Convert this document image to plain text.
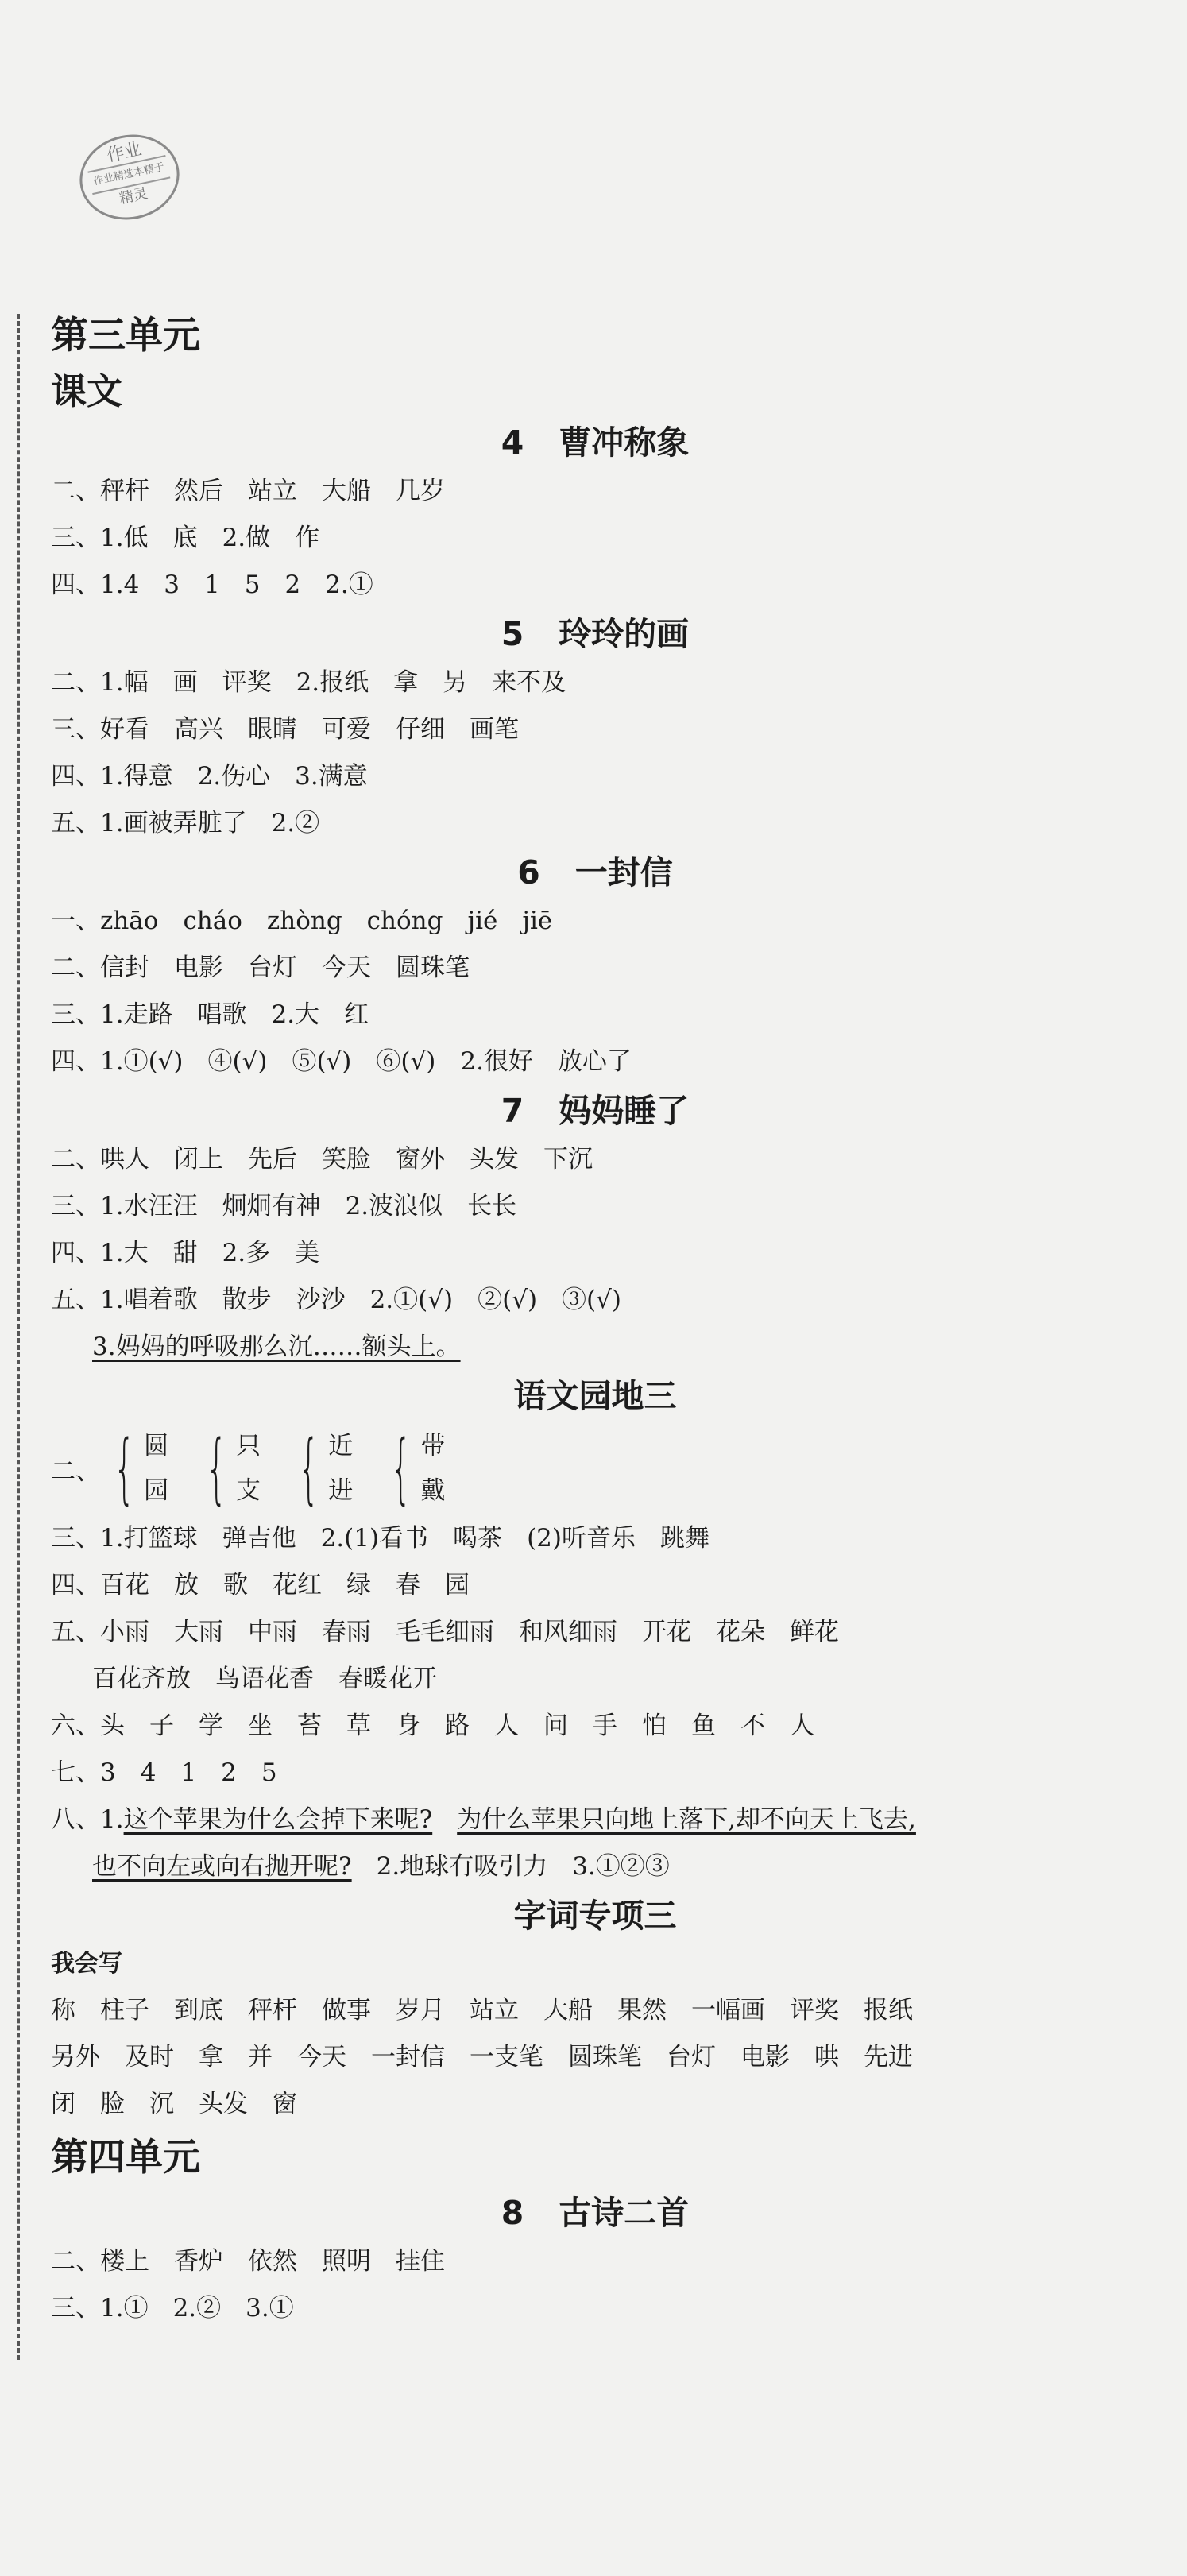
作业
作业精选本精于
精灵
第三单元
课文
4 曹冲称象
二、秤杆　然后　站立　大船　几岁
三、1.低　底　2.做　作
四、1.4　3　1　5　2　2.①
5 玲玲的画
二、1.幅　画　评奖　2.报纸　拿　另　来不及
三、好看　高兴　眼睛　可爱　仔细　画笔
四、1.得意　2.伤心　3.满意
五、1.画被弄脏了　2.②
6 一封信
一、zhāo　cháo　zhòng　chóng　jié　jiē
二、信封　电影　台灯　今天　圆珠笔
三、1.走路　唱歌　2.大　红
四、1.①(√)　④(√)　⑤(√)　⑥(√)　2.很好　放心了
7 妈妈睡了
二、哄人　闭上　先后　笑脸　窗外　头发　下沉
三、1.水汪汪　炯炯有神　2.波浪似　长长
四、1.大　甜　2.多　美
五、1.唱着歌　散步　沙沙　2.①(√)　②(√)　③(√)
3.妈妈的呼吸那么沉……额头上。
语文园地三
二、 { 圆
园 { 只
支 { 近
进 { 带
戴
三、1.打篮球　弹吉他　2.(1)看书　喝茶　(2)听音乐　跳舞
四、百花　放　歌　花红　绿　春　园
五、小雨　大雨　中雨　春雨　毛毛细雨　和风细雨　开花　花朵　鲜花
百花齐放　鸟语花香　春暖花开
六、头　子　学　坐　苔　草　身　路　人　问　手　怕　鱼　不　人
七、3　4　1　2　5
八、1.这个苹果为什么会掉下来呢?　 为什么苹果只向地上落下,却不向天上飞去,
也不向左或向右抛开呢?　2.地球有吸引力　3.①②③
字词专项三
我会写
称　柱子　到底　秤杆　做事　岁月　站立　大船　果然　一幅画　评奖　报纸
另外　及时　拿　并　今天　一封信　一支笔　圆珠笔　台灯　电影　哄　先进
闭　脸　沉　头发　窗
第四单元
8 古诗二首
二、楼上　香炉　依然　照明　挂住
三、1.①　2.②　3.①
